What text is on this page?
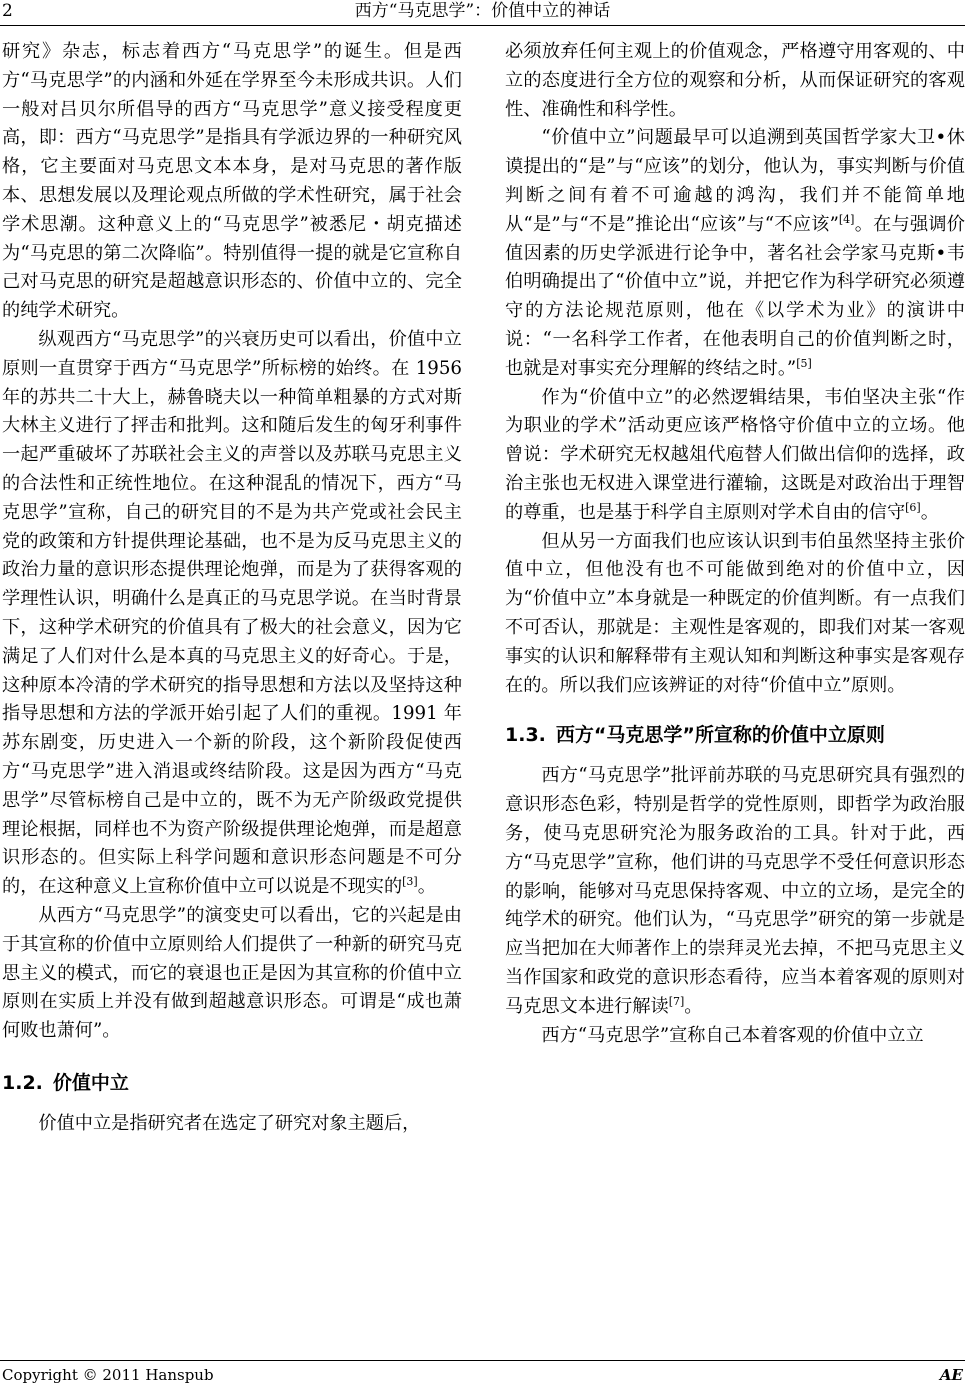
2	西方“马克思学”：价值中立的神话

研究》杂志，标志着西方“马克思学”的诞生。但是西方“马克思学”的内涵和外延在学界至今未形成共识。人们一般对吕贝尔所倡导的西方“马克思学”意义接受程度更高，即：西方“马克思学”是指具有学派边界的一种研究风格，它主要面对马克思文本本身，是对马克思的著作版本、思想发展以及理论观点所做的学术性研究，属于社会学术思潮。这种意义上的“马克思学”被悉尼・胡克描述为“马克思的第二次降临”。特别值得一提的就是它宣称自己对马克思的研究是超越意识形态的、价值中立的、完全的纯学术研究。

纵观西方“马克思学”的兴衰历史可以看出，价值中立原则一直贯穿于西方“马克思学”所标榜的始终。在 1956 年的苏共二十大上，赫鲁晓夫以一种简单粗暴的方式对斯大林主义进行了抨击和批判。这和随后发生的匈牙利事件一起严重破坏了苏联社会主义的声誉以及苏联马克思主义的合法性和正统性地位。在这种混乱的情况下，西方“马克思学”宣称，自己的研究目的不是为共产党或社会民主党的政策和方针提供理论基础，也不是为反马克思主义的政治力量的意识形态提供理论炮弹，而是为了获得客观的学理性认识，明确什么是真正的马克思学说。在当时背景下，这种学术研究的价值具有了极大的社会意义，因为它满足了人们对什么是本真的马克思主义的好奇心。于是，这种原本冷清的学术研究的指导思想和方法以及坚持这种指导思想和方法的学派开始引起了人们的重视。1991 年苏东剧变，历史进入一个新的阶段，这个新阶段促使西方“马克思学”进入消退或终结阶段。这是因为西方“马克思学”尽管标榜自己是中立的，既不为无产阶级政党提供理论根据，同样也不为资产阶级提供理论炮弹，而是超意识形态的。但实际上科学问题和意识形态问题是不可分的，在这种意义上宣称价值中立可以说是不现实的[3]。

从西方“马克思学”的演变史可以看出，它的兴起是由于其宣称的价值中立原则给人们提供了一种新的研究马克思主义的模式，而它的衰退也正是因为其宣称的价值中立原则在实质上并没有做到超越意识形态。可谓是“成也萧何败也萧何”。

1.2. 价值中立

价值中立是指研究者在选定了研究对象主题后，

必须放弃任何主观上的价值观念，严格遵守用客观的、中立的态度进行全方位的观察和分析，从而保证研究的客观性、准确性和科学性。

“价值中立”问题最早可以追溯到英国哲学家大卫•休谟提出的“是”与“应该”的划分，他认为，事实判断与价值判断之间有着不可逾越的鸿沟，我们并不能简单地从“是”与“不是”推论出“应该”与“不应该”[4]。在与强调价值因素的历史学派进行论争中，著名社会学家马克斯•韦伯明确提出了“价值中立”说，并把它作为科学研究必须遵守的方法论规范原则，他在《以学术为业》的演讲中说：“一名科学工作者，在他表明自己的价值判断之时，也就是对事实充分理解的终结之时。”[5]

作为“价值中立”的必然逻辑结果，韦伯坚决主张“作为职业的学术”活动更应该严格恪守价值中立的立场。他曾说：学术研究无权越俎代庖替人们做出信仰的选择，政治主张也无权进入课堂进行灌输，这既是对政治出于理智的尊重，也是基于科学自主原则对学术自由的信守[6]。

但从另一方面我们也应该认识到韦伯虽然坚持主张价值中立，但他没有也不可能做到绝对的价值中立，因为“价值中立”本身就是一种既定的价值判断。有一点我们不可否认，那就是：主观性是客观的，即我们对某一客观事实的认识和解释带有主观认知和判断这种事实是客观存在的。所以我们应该辨证的对待“价值中立”原则。

1.3. 西方“马克思学”所宣称的价值中立原则

西方“马克思学”批评前苏联的马克思研究具有强烈的意识形态色彩，特别是哲学的党性原则，即哲学为政治服务，使马克思研究沦为服务政治的工具。针对于此，西方“马克思学”宣称，他们讲的马克思学不受任何意识形态的影响，能够对马克思保持客观、中立的立场，是完全的纯学术的研究。他们认为，“马克思学”研究的第一步就是应当把加在大师著作上的崇拜灵光去掉，不把马克思主义当作国家和政党的意识形态看待，应当本着客观的原则对马克思文本进行解读[7]。

西方“马克思学”宣称自己本着客观的价值中立立

Copyright © 2011 Hanspub	AE
